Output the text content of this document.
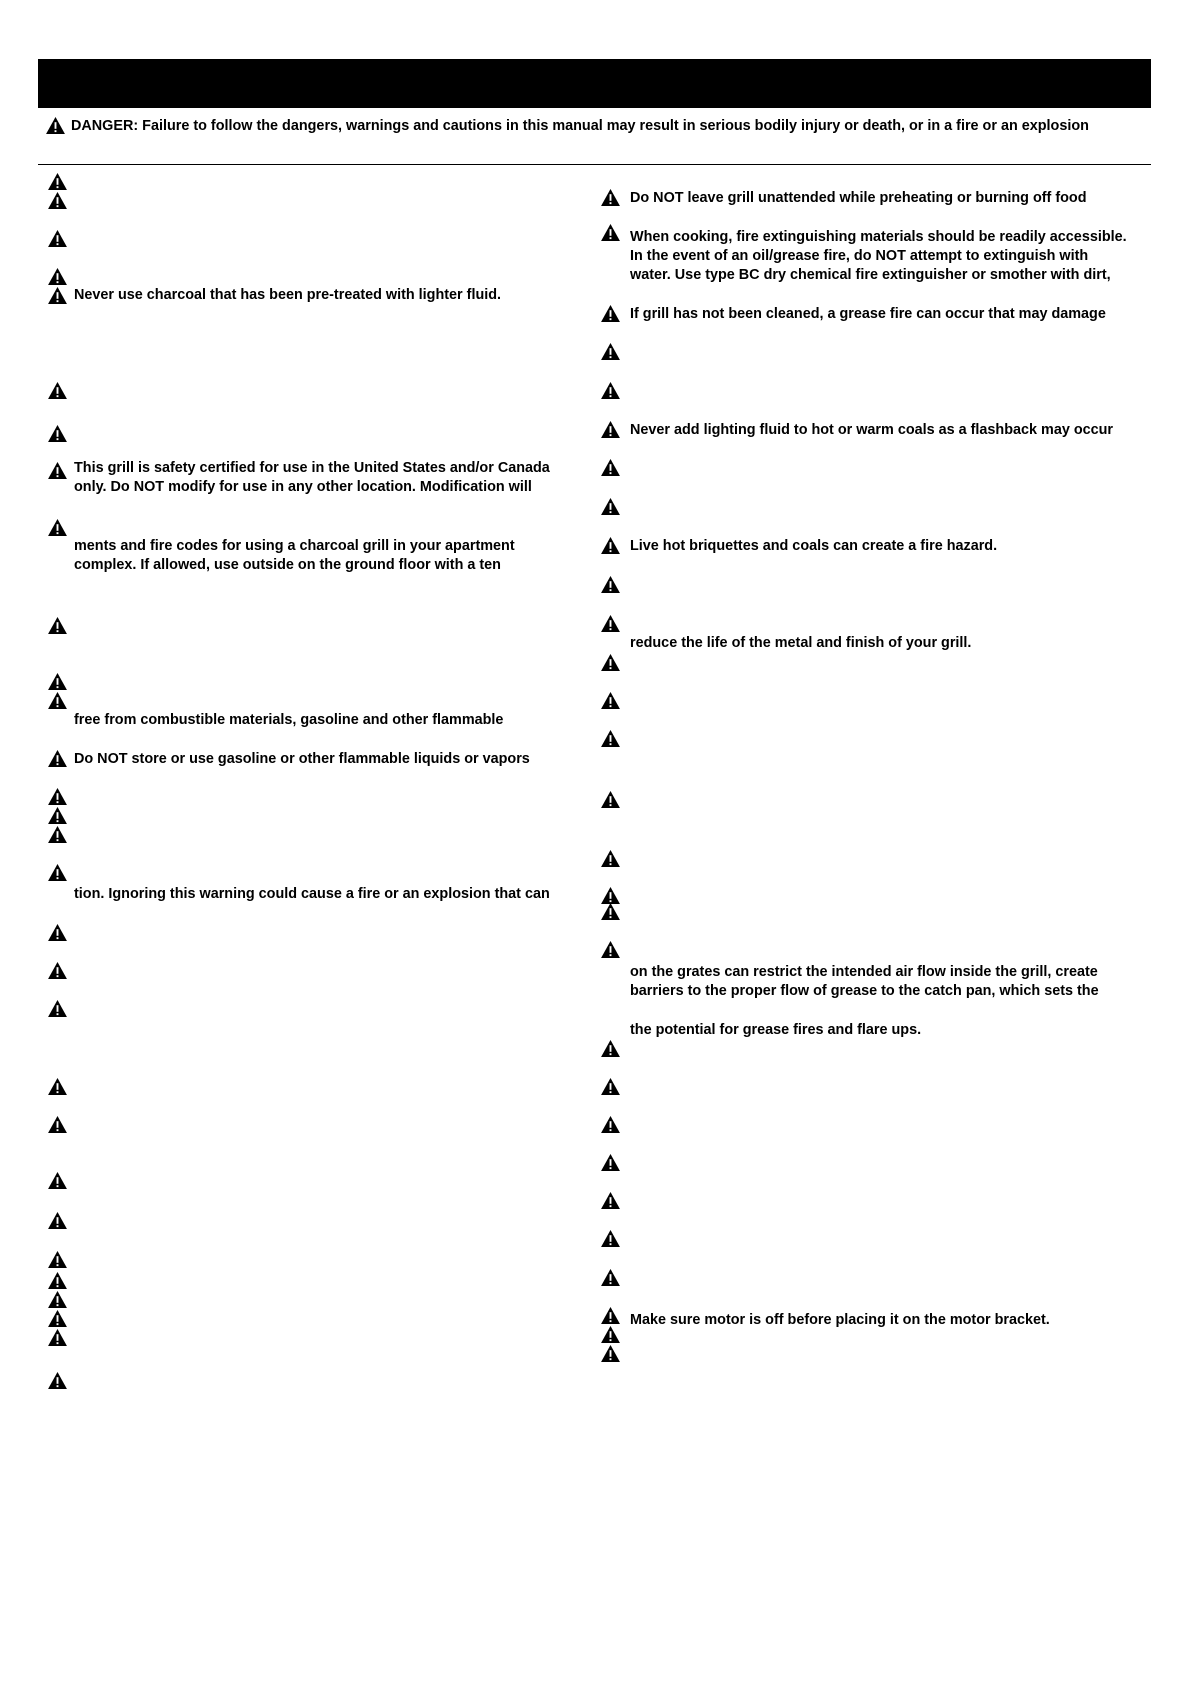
DANGER: Failure to follow the dangers, warnings and cautions in this manual may result in serious bodily injury or death, or in a fire or an explosion
Never use charcoal that has been pre-treated with lighter fluid.
This grill is safety certified for use in the United States and/or Canada
only. Do NOT modify for use in any other location. Modification will
ments and fire codes for using a charcoal grill in your apartment
complex. If allowed, use outside on the ground floor with a ten
free from combustible materials, gasoline and other flammable
Do NOT store or use gasoline or other flammable liquids or vapors
tion. Ignoring this warning could cause a fire or an explosion that can
Do NOT leave grill unattended while preheating or burning off food
When cooking, fire extinguishing materials should be readily accessible.
In the event of an oil/grease fire, do NOT attempt to extinguish with
water. Use type BC dry chemical fire extinguisher or smother with dirt,
If grill has not been cleaned, a grease fire can occur that may damage
Never add lighting fluid to hot or warm coals as a flashback may occur
Live hot briquettes and coals can create a fire hazard.
reduce the life of the metal and finish of your grill.
on the grates can restrict the intended air flow inside the grill, create
barriers to the proper flow of grease to the catch pan, which sets the
the potential for grease fires and flare ups.
Make sure motor is off before placing it on the motor bracket.
